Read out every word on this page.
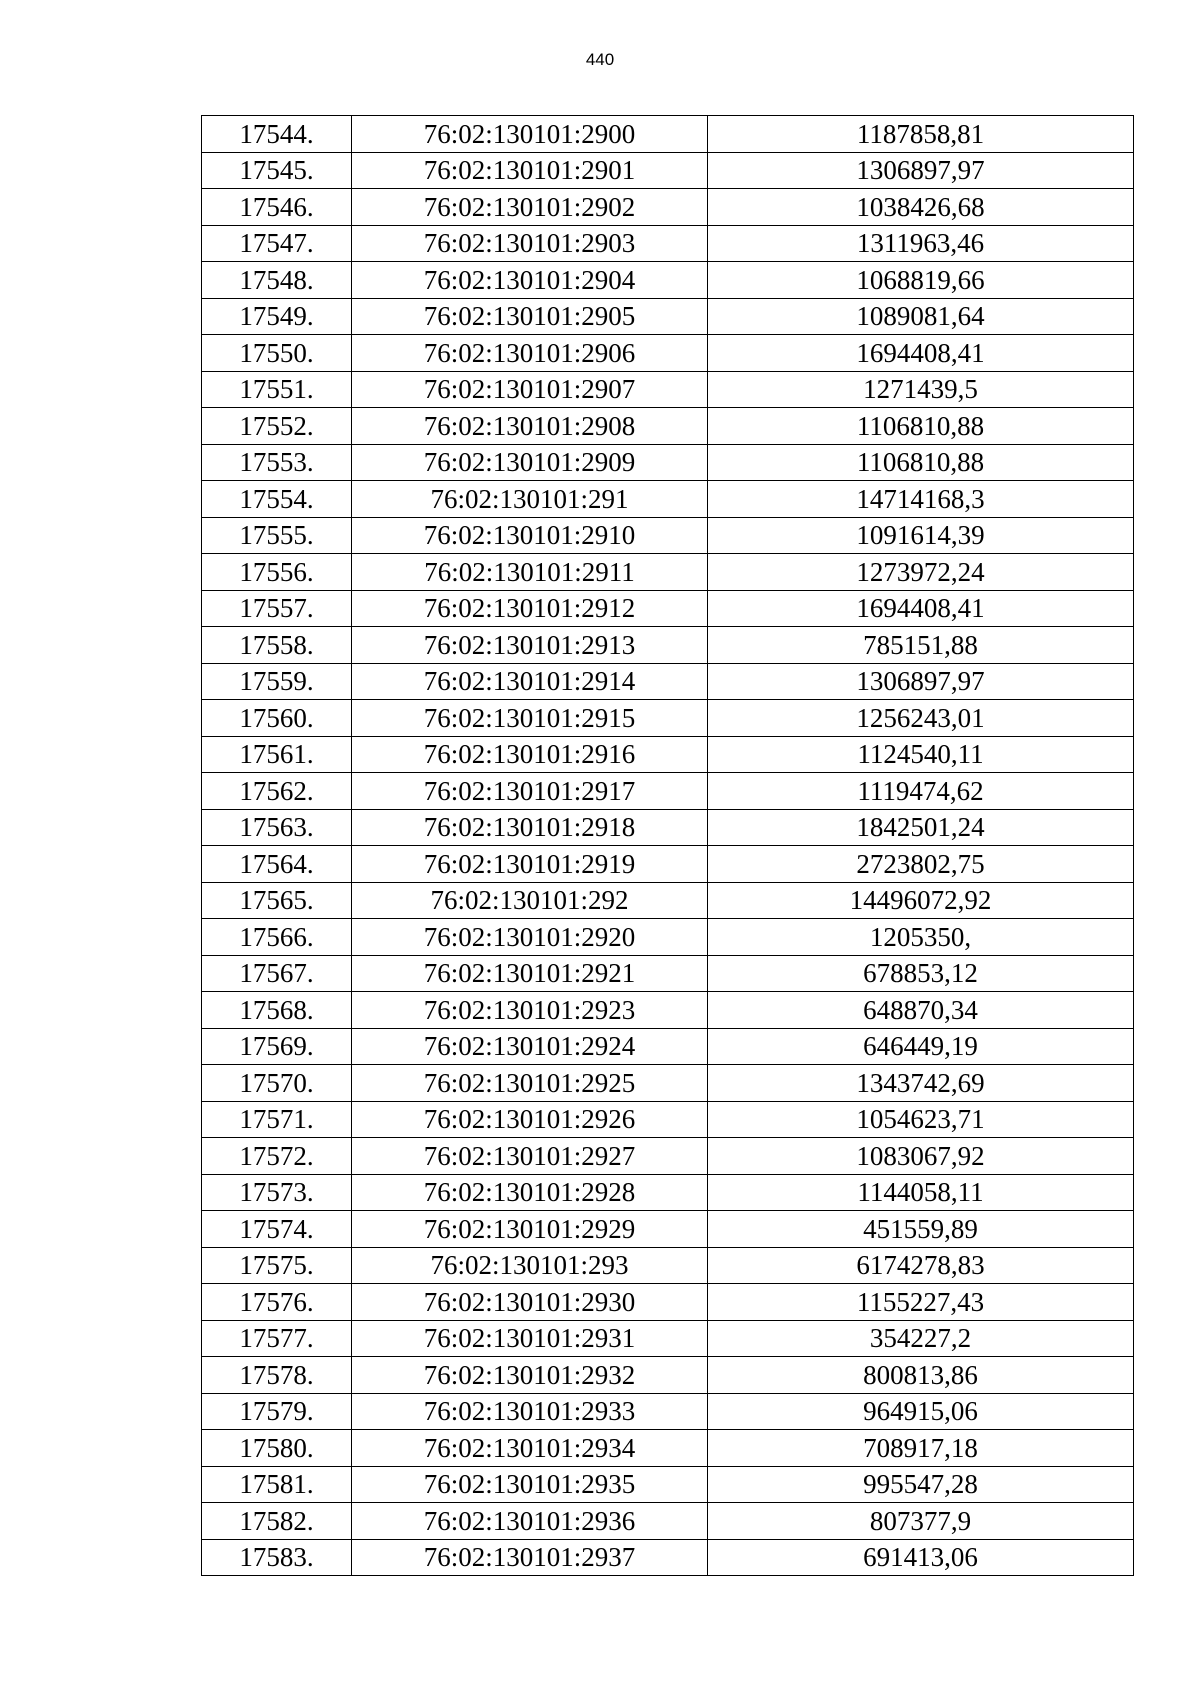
440
17544.	76:02:130101:2900	1187858,81
17545.	76:02:130101:2901	1306897,97
17546.	76:02:130101:2902	1038426,68
17547.	76:02:130101:2903	1311963,46
17548.	76:02:130101:2904	1068819,66
17549.	76:02:130101:2905	1089081,64
17550.	76:02:130101:2906	1694408,41
17551.	76:02:130101:2907	1271439,5
17552.	76:02:130101:2908	1106810,88
17553.	76:02:130101:2909	1106810,88
17554.	76:02:130101:291	14714168,3
17555.	76:02:130101:2910	1091614,39
17556.	76:02:130101:2911	1273972,24
17557.	76:02:130101:2912	1694408,41
17558.	76:02:130101:2913	785151,88
17559.	76:02:130101:2914	1306897,97
17560.	76:02:130101:2915	1256243,01
17561.	76:02:130101:2916	1124540,11
17562.	76:02:130101:2917	1119474,62
17563.	76:02:130101:2918	1842501,24
17564.	76:02:130101:2919	2723802,75
17565.	76:02:130101:292	14496072,92
17566.	76:02:130101:2920	1205350,
17567.	76:02:130101:2921	678853,12
17568.	76:02:130101:2923	648870,34
17569.	76:02:130101:2924	646449,19
17570.	76:02:130101:2925	1343742,69
17571.	76:02:130101:2926	1054623,71
17572.	76:02:130101:2927	1083067,92
17573.	76:02:130101:2928	1144058,11
17574.	76:02:130101:2929	451559,89
17575.	76:02:130101:293	6174278,83
17576.	76:02:130101:2930	1155227,43
17577.	76:02:130101:2931	354227,2
17578.	76:02:130101:2932	800813,86
17579.	76:02:130101:2933	964915,06
17580.	76:02:130101:2934	708917,18
17581.	76:02:130101:2935	995547,28
17582.	76:02:130101:2936	807377,9
17583.	76:02:130101:2937	691413,06
